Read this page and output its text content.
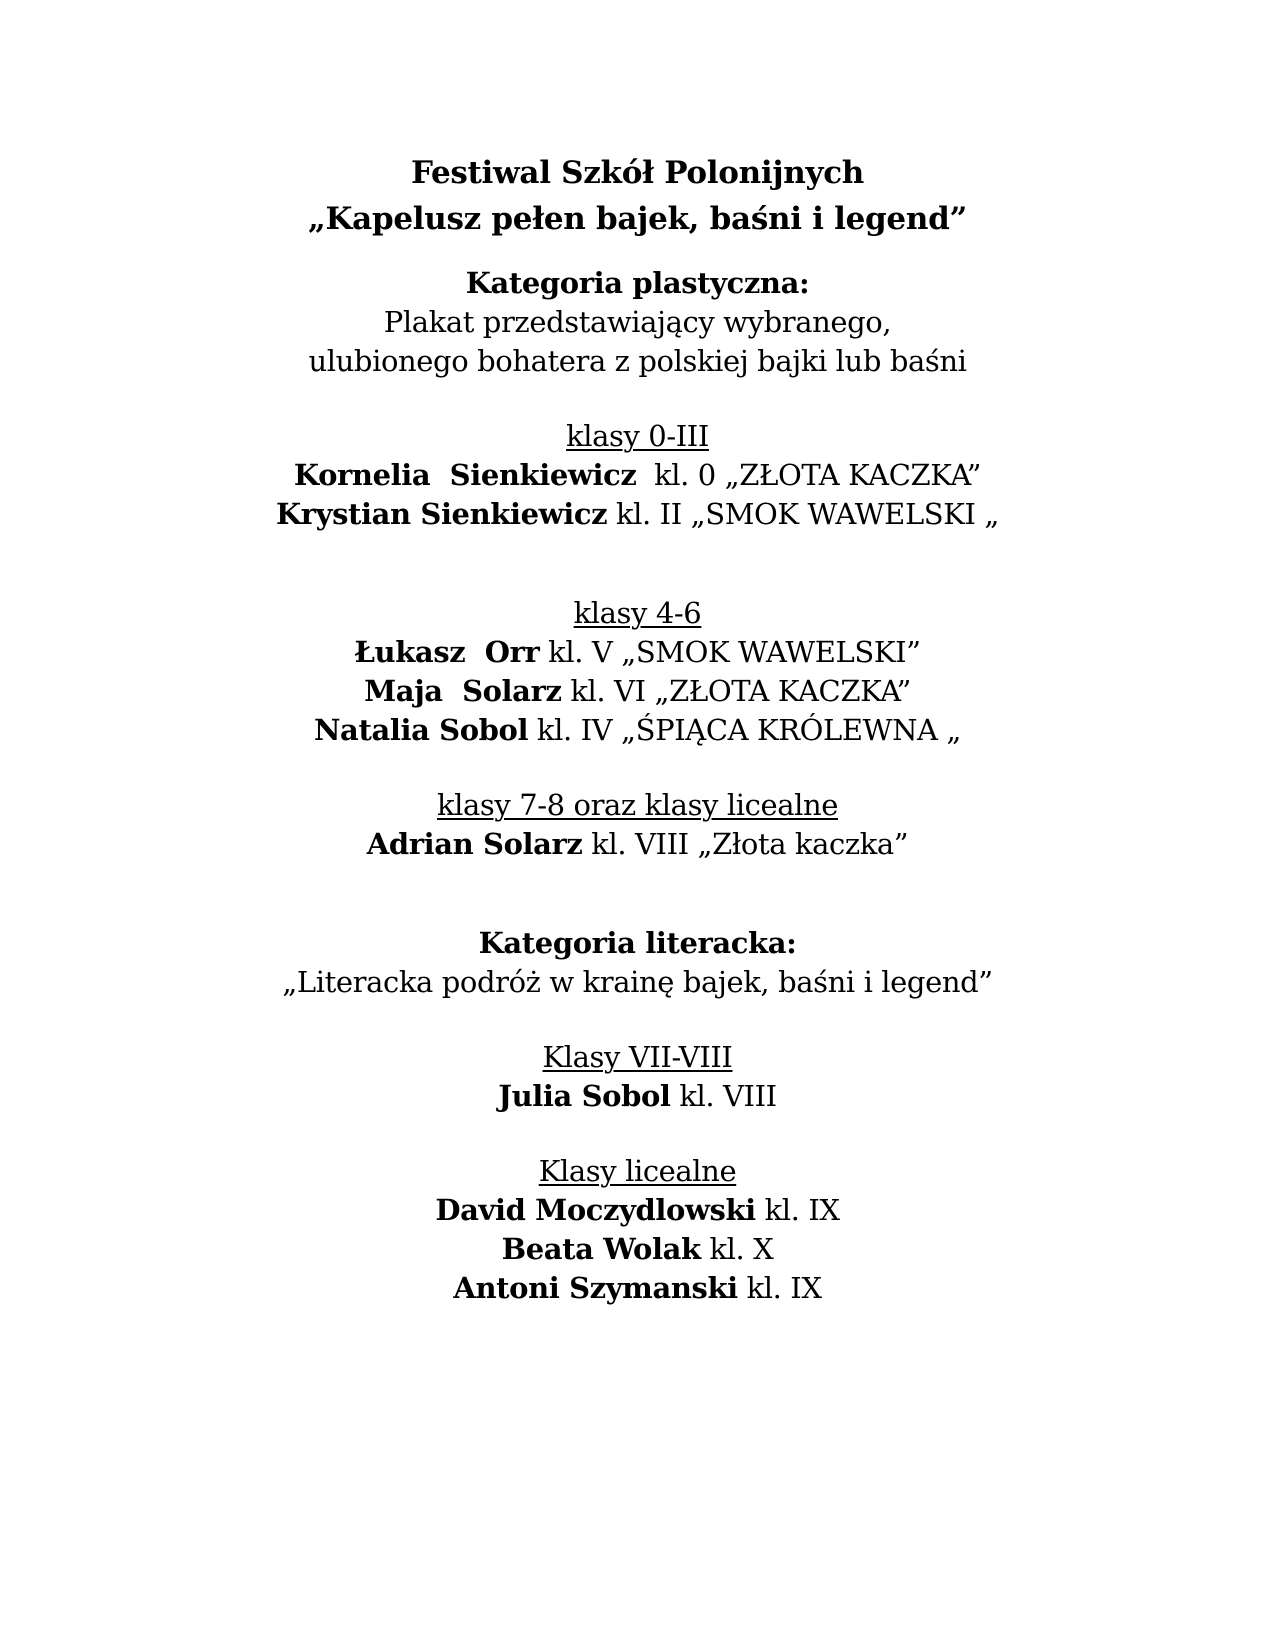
Festiwal Szkół Polonijnych
„Kapelusz pełen bajek, baśni i legend”
Kategoria plastyczna:
Plakat przedstawiający wybranego,
ulubionego bohatera z polskiej bajki lub baśni
klasy 0-III
Kornelia  Sienkiewicz  kl. 0 „ZŁOTA KACZKA”
Krystian Sienkiewicz kl. II „SMOK WAWELSKI „
klasy 4-6
Łukasz  Orr kl. V „SMOK WAWELSKI”
Maja  Solarz kl. VI „ZŁOTA KACZKA”
Natalia Sobol kl. IV „ŚPIĄCA KRÓLEWNA „
klasy 7-8 oraz klasy licealne
Adrian Solarz kl. VIII „Złota kaczka”
Kategoria literacka:
„Literacka podróż w krainę bajek, baśni i legend”
Klasy VII-VIII
Julia Sobol kl. VIII
Klasy licealne
David Moczydlowski kl. IX
Beata Wolak kl. X
Antoni Szymanski kl. IX
